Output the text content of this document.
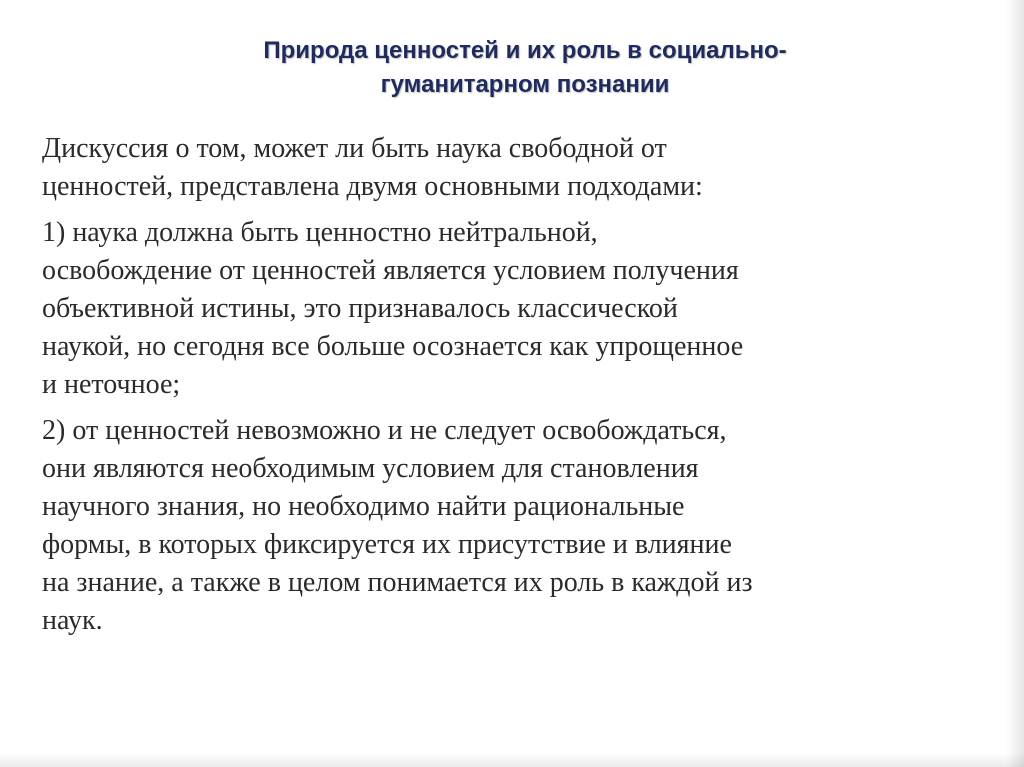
Природа ценностей и их роль в социально-
гуманитарном познании

Дискуссия о том, может ли быть наука свободной от
ценностей, представлена двумя основными подходами:

1) наука должна быть ценностно нейтральной,
освобождение от ценностей является условием получения
объективной истины, это признавалось классической
наукой, но сегодня все больше осознается как упрощенное
и неточное;

2) от ценностей невозможно и не следует освобождаться,
они являются необходимым условием для становления
научного знания, но необходимо найти рациональные
формы, в которых фиксируется их присутствие и влияние
на знание, а также в целом понимается их роль в каждой из
наук.
